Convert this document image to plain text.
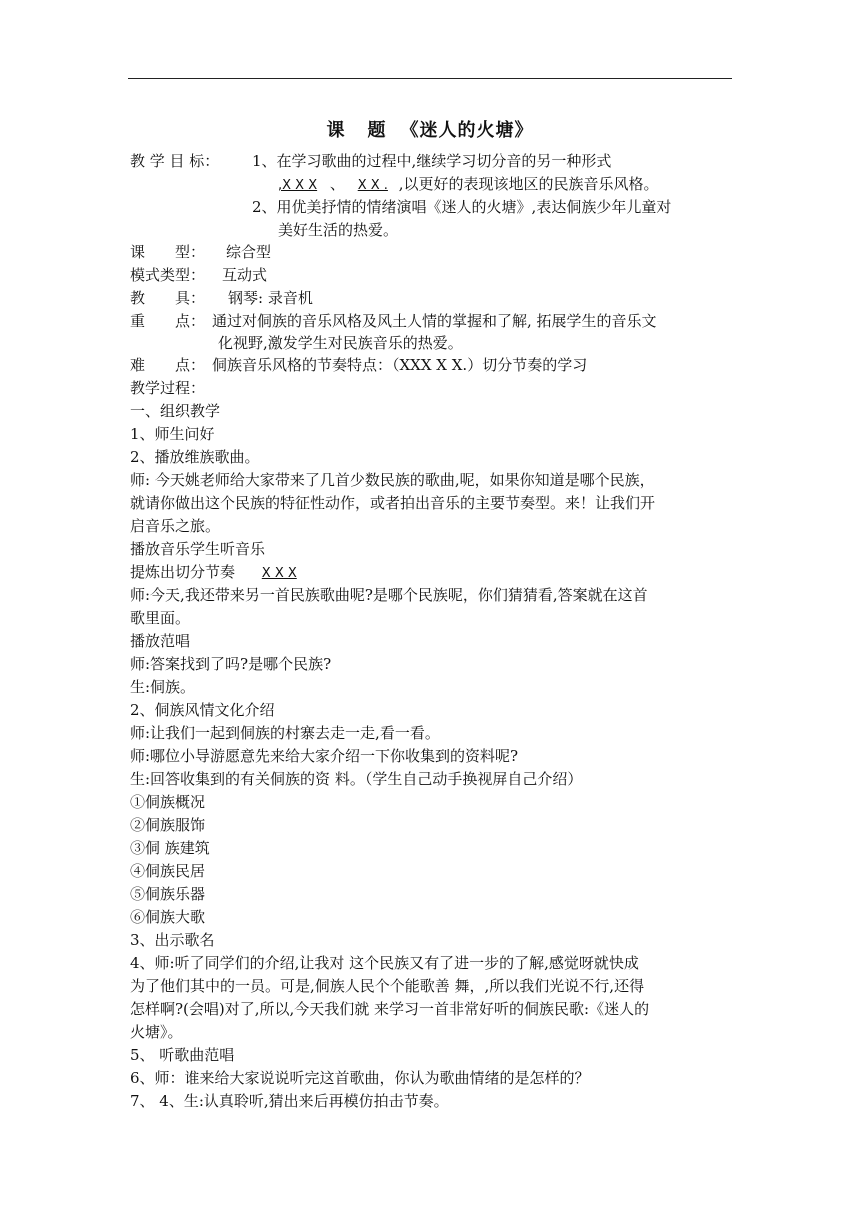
课 题 《迷人的火塘》
教 学 目 标： 1、在学习歌曲的过程中,继续学习切分音的另一种形式
,X X X 、 X X . ,以更好的表现该地区的民族音乐风格。
2、用优美抒情的情绪演唱《迷人的火塘》,表达侗族少年儿童对
美好生活的热爱。
课　　型： 综合型
模式类型： 互动式
教　　具： 钢琴: 录音机
重　　点： 通过对侗族的音乐风格及风土人情的掌握和了解, 拓展学生的音乐文
化视野,激发学生对民族音乐的热爱。
难　　点： 侗族音乐风格的节奏特点：（XXX X X.）切分节奏的学习
教学过程：
一、组织教学
1、师生问好
2、播放维族歌曲。
师: 今天姚老师给大家带来了几首少数民族的歌曲,呢，如果你知道是哪个民族，
就请你做出这个民族的特征性动作，或者拍出音乐的主要节奏型。来！让我们开
启音乐之旅。
播放音乐学生听音乐
提炼出切分节奏 X X X
师:今天,我还带来另一首民族歌曲呢?是哪个民族呢，你们猜猜看,答案就在这首
歌里面。
播放范唱
师:答案找到了吗?是哪个民族?
生:侗族。
2、侗族风情文化介绍
师:让我们一起到侗族的村寨去走一走,看一看。
师:哪位小导游愿意先来给大家介绍一下你收集到的资料呢?
生:回答收集到的有关侗族的资 料。（学生自己动手换视屏自己介绍）
①侗族概况
②侗族服饰
③侗 族建筑
④侗族民居
⑤侗族乐器
⑥侗族大歌
3、出示歌名
4、师:听了同学们的介绍,让我对 这个民族又有了进一步的了解,感觉呀就快成
为了他们其中的一员。可是,侗族人民个个能歌善 舞，,所以我们光说不行,还得
怎样啊?(会唱)对了,所以,今天我们就 来学习一首非常好听的侗族民歌:《迷人的
火塘》。
5、 听歌曲范唱
6、师：谁来给大家说说听完这首歌曲，你认为歌曲情绪的是怎样的？
7、 4、生:认真聆听,猜出来后再模仿拍击节奏。
